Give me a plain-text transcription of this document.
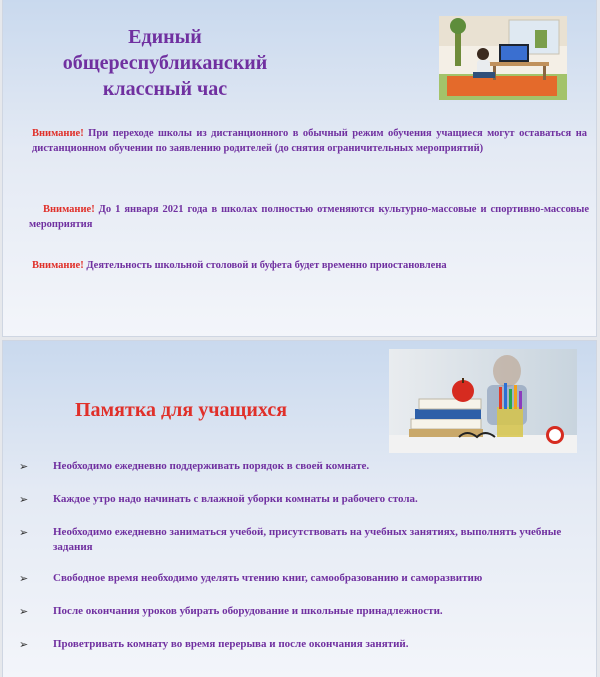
Единый
общереспубликанский
классный час
Внимание! При переходе школы из дистанционного в обычный режим обучения учащиеся могут оставаться на дистанционном обучении по заявлению родителей (до снятия ограничительных мероприятий)
Внимание! До 1 января 2021 года в школах полностью отменяются культурно-массовые и спортивно-массовые мероприятия
Внимание! Деятельность школьной столовой и буфета будет временно приостановлена
Памятка для учащихся
➢	Необходимо ежедневно поддерживать порядок в своей комнате.
➢	Каждое утро надо начинать с влажной уборки комнаты и рабочего стола.
➢	Необходимо ежедневно заниматься учебой, присутствовать на учебных занятиях, выполнять учебные задания
➢	Свободное время необходимо уделять чтению книг, самообразованию и саморазвитию
➢	После окончания уроков убирать оборудование и школьные принадлежности.
➢	Проветривать комнату во время перерыва и после окончания занятий.
